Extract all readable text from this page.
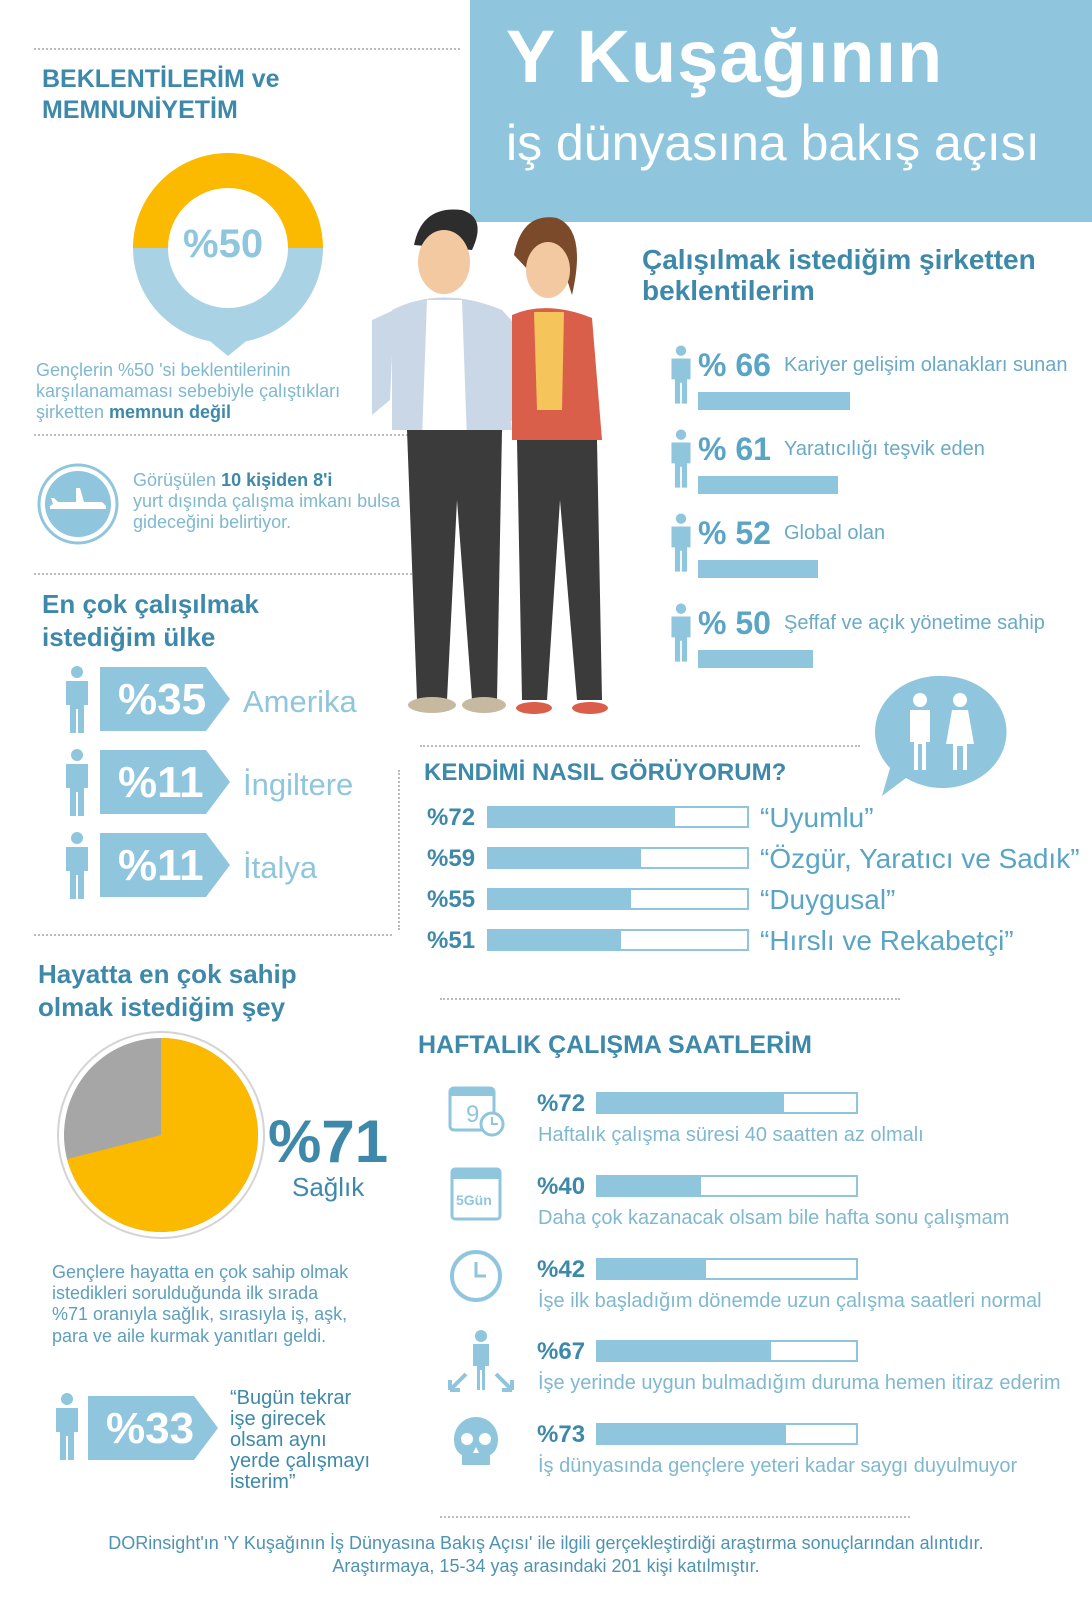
Y Kuşağının
iş dünyasına bakış açısı
BEKLENTİLERİM ve
MEMNUNİYETİM
%50
Gençlerin %50 'si beklentilerinin
karşılanamaması sebebiyle çalıştıkları
şirketten memnun değil
Görüşülen 10 kişiden 8'i
yurt dışında çalışma imkanı bulsa
gideceğini belirtiyor.
En çok çalışılmak
istediğim ülke
%35 Amerika
%11 İngiltere
%11 İtalya
Hayatta en çok sahip
olmak istediğim şey
%71
Sağlık
Gençlere hayatta en çok sahip olmak
istedikleri sorulduğunda ilk sırada
%71 oranıyla sağlık, sırasıyla iş, aşk,
para ve aile kurmak yanıtları geldi.
%33
“Bugün tekrar
işe girecek
olsam aynı
yerde çalışmayı
isterim”
Çalışılmak istediğim şirketten
beklentilerim
% 66 Kariyer gelişim olanakları sunan
% 61 Yaratıcılığı teşvik eden
% 52 Global olan
% 50 Şeffaf ve açık yönetime sahip
KENDİMİ NASIL GÖRÜYORUM?
%72	“Uyumlu”
%59	“Özgür, Yaratıcı ve Sadık”
%55	“Duygusal”
%51	“Hırslı ve Rekabetçi”
HAFTALIK ÇALIŞMA SAATLERİM
9 %72
Haftalık çalışma süresi 40 saatten az olmalı
5Gün %40
Daha çok kazanacak olsam bile hafta sonu çalışmam
%42
İşe ilk başladığım dönemde uzun çalışma saatleri normal
%67
İşe yerinde uygun bulmadığım duruma hemen itiraz ederim
%73
İş dünyasında gençlere yeteri kadar saygı duyulmuyor
DORinsight'ın 'Y Kuşağının İş Dünyasına Bakış Açısı' ile ilgili gerçekleştirdiği araştırma sonuçlarından alıntıdır.
Araştırmaya, 15-34 yaş arasındaki 201 kişi katılmıştır.
